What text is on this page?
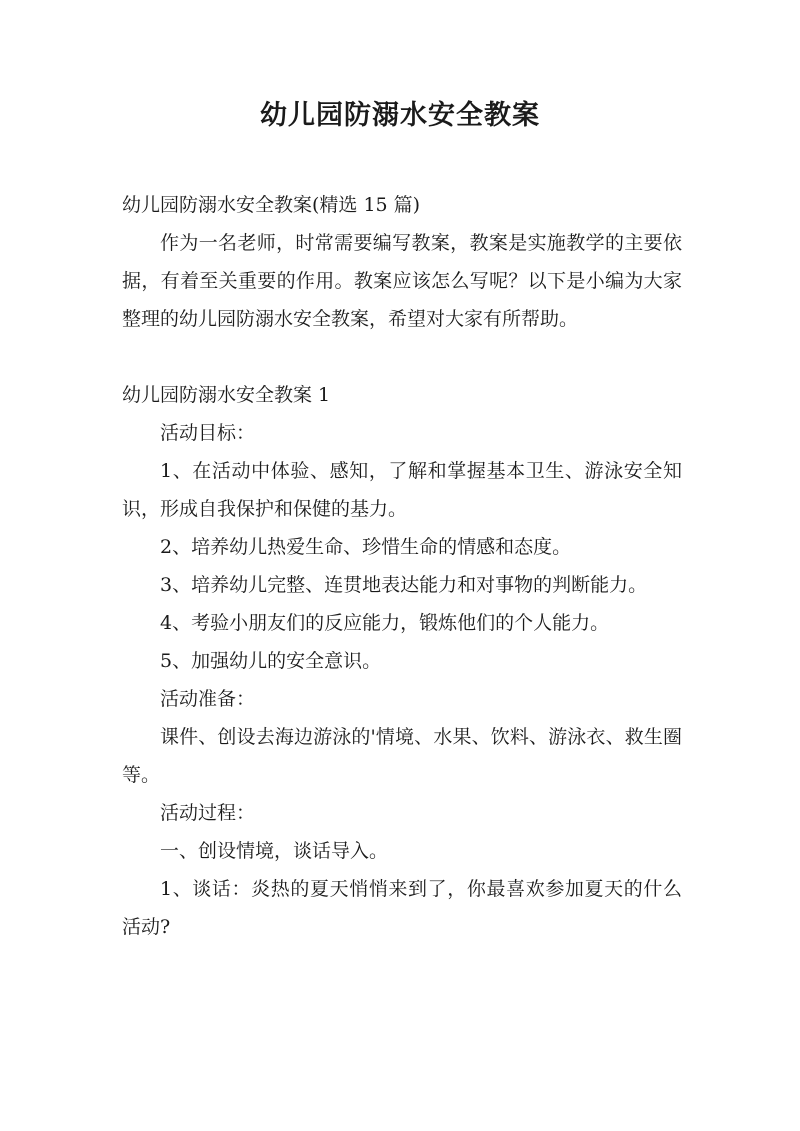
幼儿园防溺水安全教案

幼儿园防溺水安全教案(精选 15 篇)

作为一名老师，时常需要编写教案，教案是实施教学的主要依据，有着至关重要的作用。教案应该怎么写呢？以下是小编为大家整理的幼儿园防溺水安全教案，希望对大家有所帮助。

幼儿园防溺水安全教案 1

活动目标：

1、在活动中体验、感知，了解和掌握基本卫生、游泳安全知识，形成自我保护和保健的基力。

2、培养幼儿热爱生命、珍惜生命的情感和态度。

3、培养幼儿完整、连贯地表达能力和对事物的判断能力。

4、考验小朋友们的反应能力，锻炼他们的个人能力。

5、加强幼儿的安全意识。

活动准备：

课件、创设去海边游泳的'情境、水果、饮料、游泳衣、救生圈等。

活动过程：

一、创设情境，谈话导入。

1、谈话：炎热的夏天悄悄来到了，你最喜欢参加夏天的什么活动?
